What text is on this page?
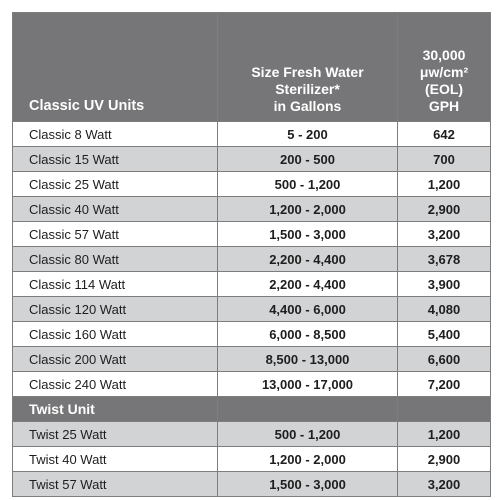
Classic UV Units	Size Fresh Water
Sterilizer*
in Gallons	30,000
μw/cm²
(EOL)
GPH

Classic 8 Watt	5 - 200	642
Classic 15 Watt	200 - 500	700
Classic 25 Watt	500 - 1,200	1,200
Classic 40 Watt	1,200 - 2,000	2,900
Classic 57 Watt	1,500 - 3,000	3,200
Classic 80 Watt	2,200 - 4,400	3,678
Classic 114 Watt	2,200 - 4,400	3,900
Classic 120 Watt	4,400 - 6,000	4,080
Classic 160 Watt	6,000 - 8,500	5,400
Classic 200 Watt	8,500 - 13,000	6,600
Classic 240 Watt	13,000 - 17,000	7,200
Twist Unit		
Twist 25 Watt	500 - 1,200	1,200
Twist 40 Watt	1,200 - 2,000	2,900
Twist 57 Watt	1,500 - 3,000	3,200
